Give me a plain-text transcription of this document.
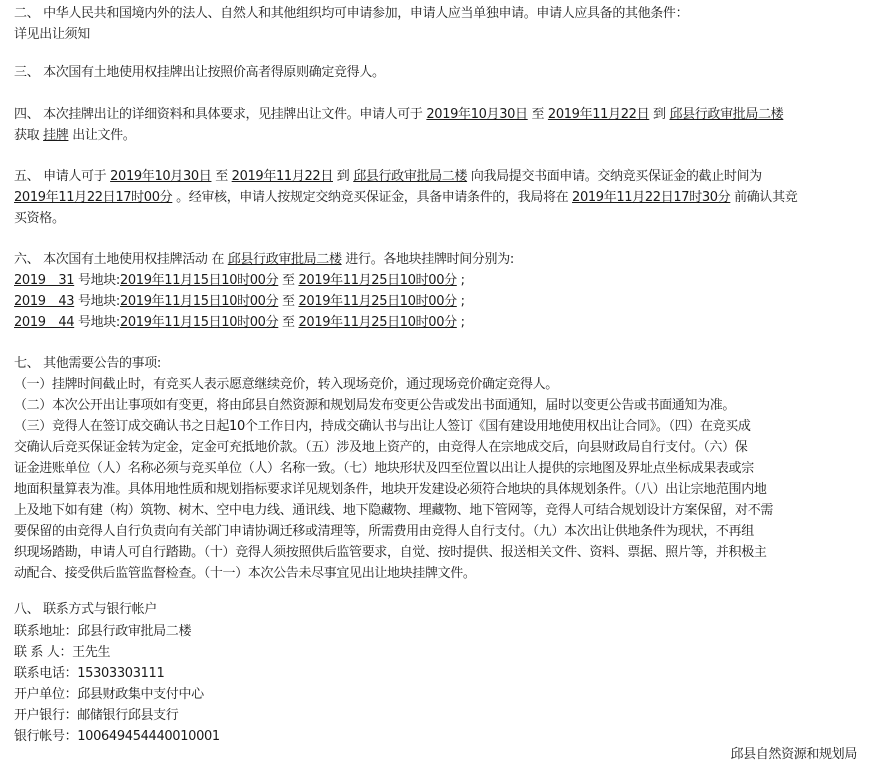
二、 中华人民共和国境内外的法人、自然人和其他组织均可申请参加，申请人应当单独申请。申请人应具备的其他条件：
详见出让须知
三、 本次国有土地使用权挂牌出让按照价高者得原则确定竞得人。
四、 本次挂牌出让的详细资料和具体要求，见挂牌出让文件。申请人可于 2019年10月30日 至 2019年11月22日 到 邱县行政审批局二楼
获取 挂牌 出让文件。
五、 申请人可于 2019年10月30日 至 2019年11月22日 到 邱县行政审批局二楼 向我局提交书面申请。交纳竞买保证金的截止时间为
2019年11月22日17时00分 。经审核，申请人按规定交纳竞买保证金，具备申请条件的，我局将在 2019年11月22日17时30分 前确认其竞
买资格。
六、 本次国有土地使用权挂牌活动 在 邱县行政审批局二楼 进行。各地块挂牌时间分别为:
2019　31 号地块:2019年11月15日10时00分 至 2019年11月25日10时00分 ;
2019　43 号地块:2019年11月15日10时00分 至 2019年11月25日10时00分 ;
2019　44 号地块:2019年11月15日10时00分 至 2019年11月25日10时00分 ;
七、 其他需要公告的事项:
（一）挂牌时间截止时，有竞买人表示愿意继续竞价，转入现场竞价，通过现场竞价确定竞得人。
（二）本次公开出让事项如有变更，将由邱县自然资源和规划局发布变更公告或发出书面通知，届时以变更公告或书面通知为准。
（三）竞得人在签订成交确认书之日起10个工作日内，持成交确认书与出让人签订《国有建设用地使用权出让合同》。（四）在竞买成
交确认后竞买保证金转为定金，定金可充抵地价款。（五）涉及地上资产的，由竞得人在宗地成交后，向县财政局自行支付。（六）保
证金进账单位（人）名称必须与竞买单位（人）名称一致。（七）地块形状及四至位置以出让人提供的宗地图及界址点坐标成果表或宗
地面积量算表为准。具体用地性质和规划指标要求详见规划条件，地块开发建设必须符合地块的具体规划条件。（八）出让宗地范围内地
上及地下如有建（构）筑物、树木、空中电力线、通讯线、地下隐藏物、埋藏物、地下管网等，竞得人可结合规划设计方案保留，对不需
要保留的由竞得人自行负责向有关部门申请协调迁移或清理等，所需费用由竞得人自行支付。（九）本次出让供地条件为现状，不再组
织现场踏勘，申请人可自行踏勘。（十）竞得人须按照供后监管要求，自觉、按时提供、报送相关文件、资料、票据、照片等，并积极主
动配合、接受供后监管监督检查。（十一）本次公告未尽事宜见出让地块挂牌文件。
八、 联系方式与银行帐户
联系地址：邱县行政审批局二楼
联 系 人：王先生
联系电话：15303303111
开户单位：邱县财政集中支付中心
开户银行：邮储银行邱县支行
银行帐号：100649454440010001
邱县自然资源和规划局
